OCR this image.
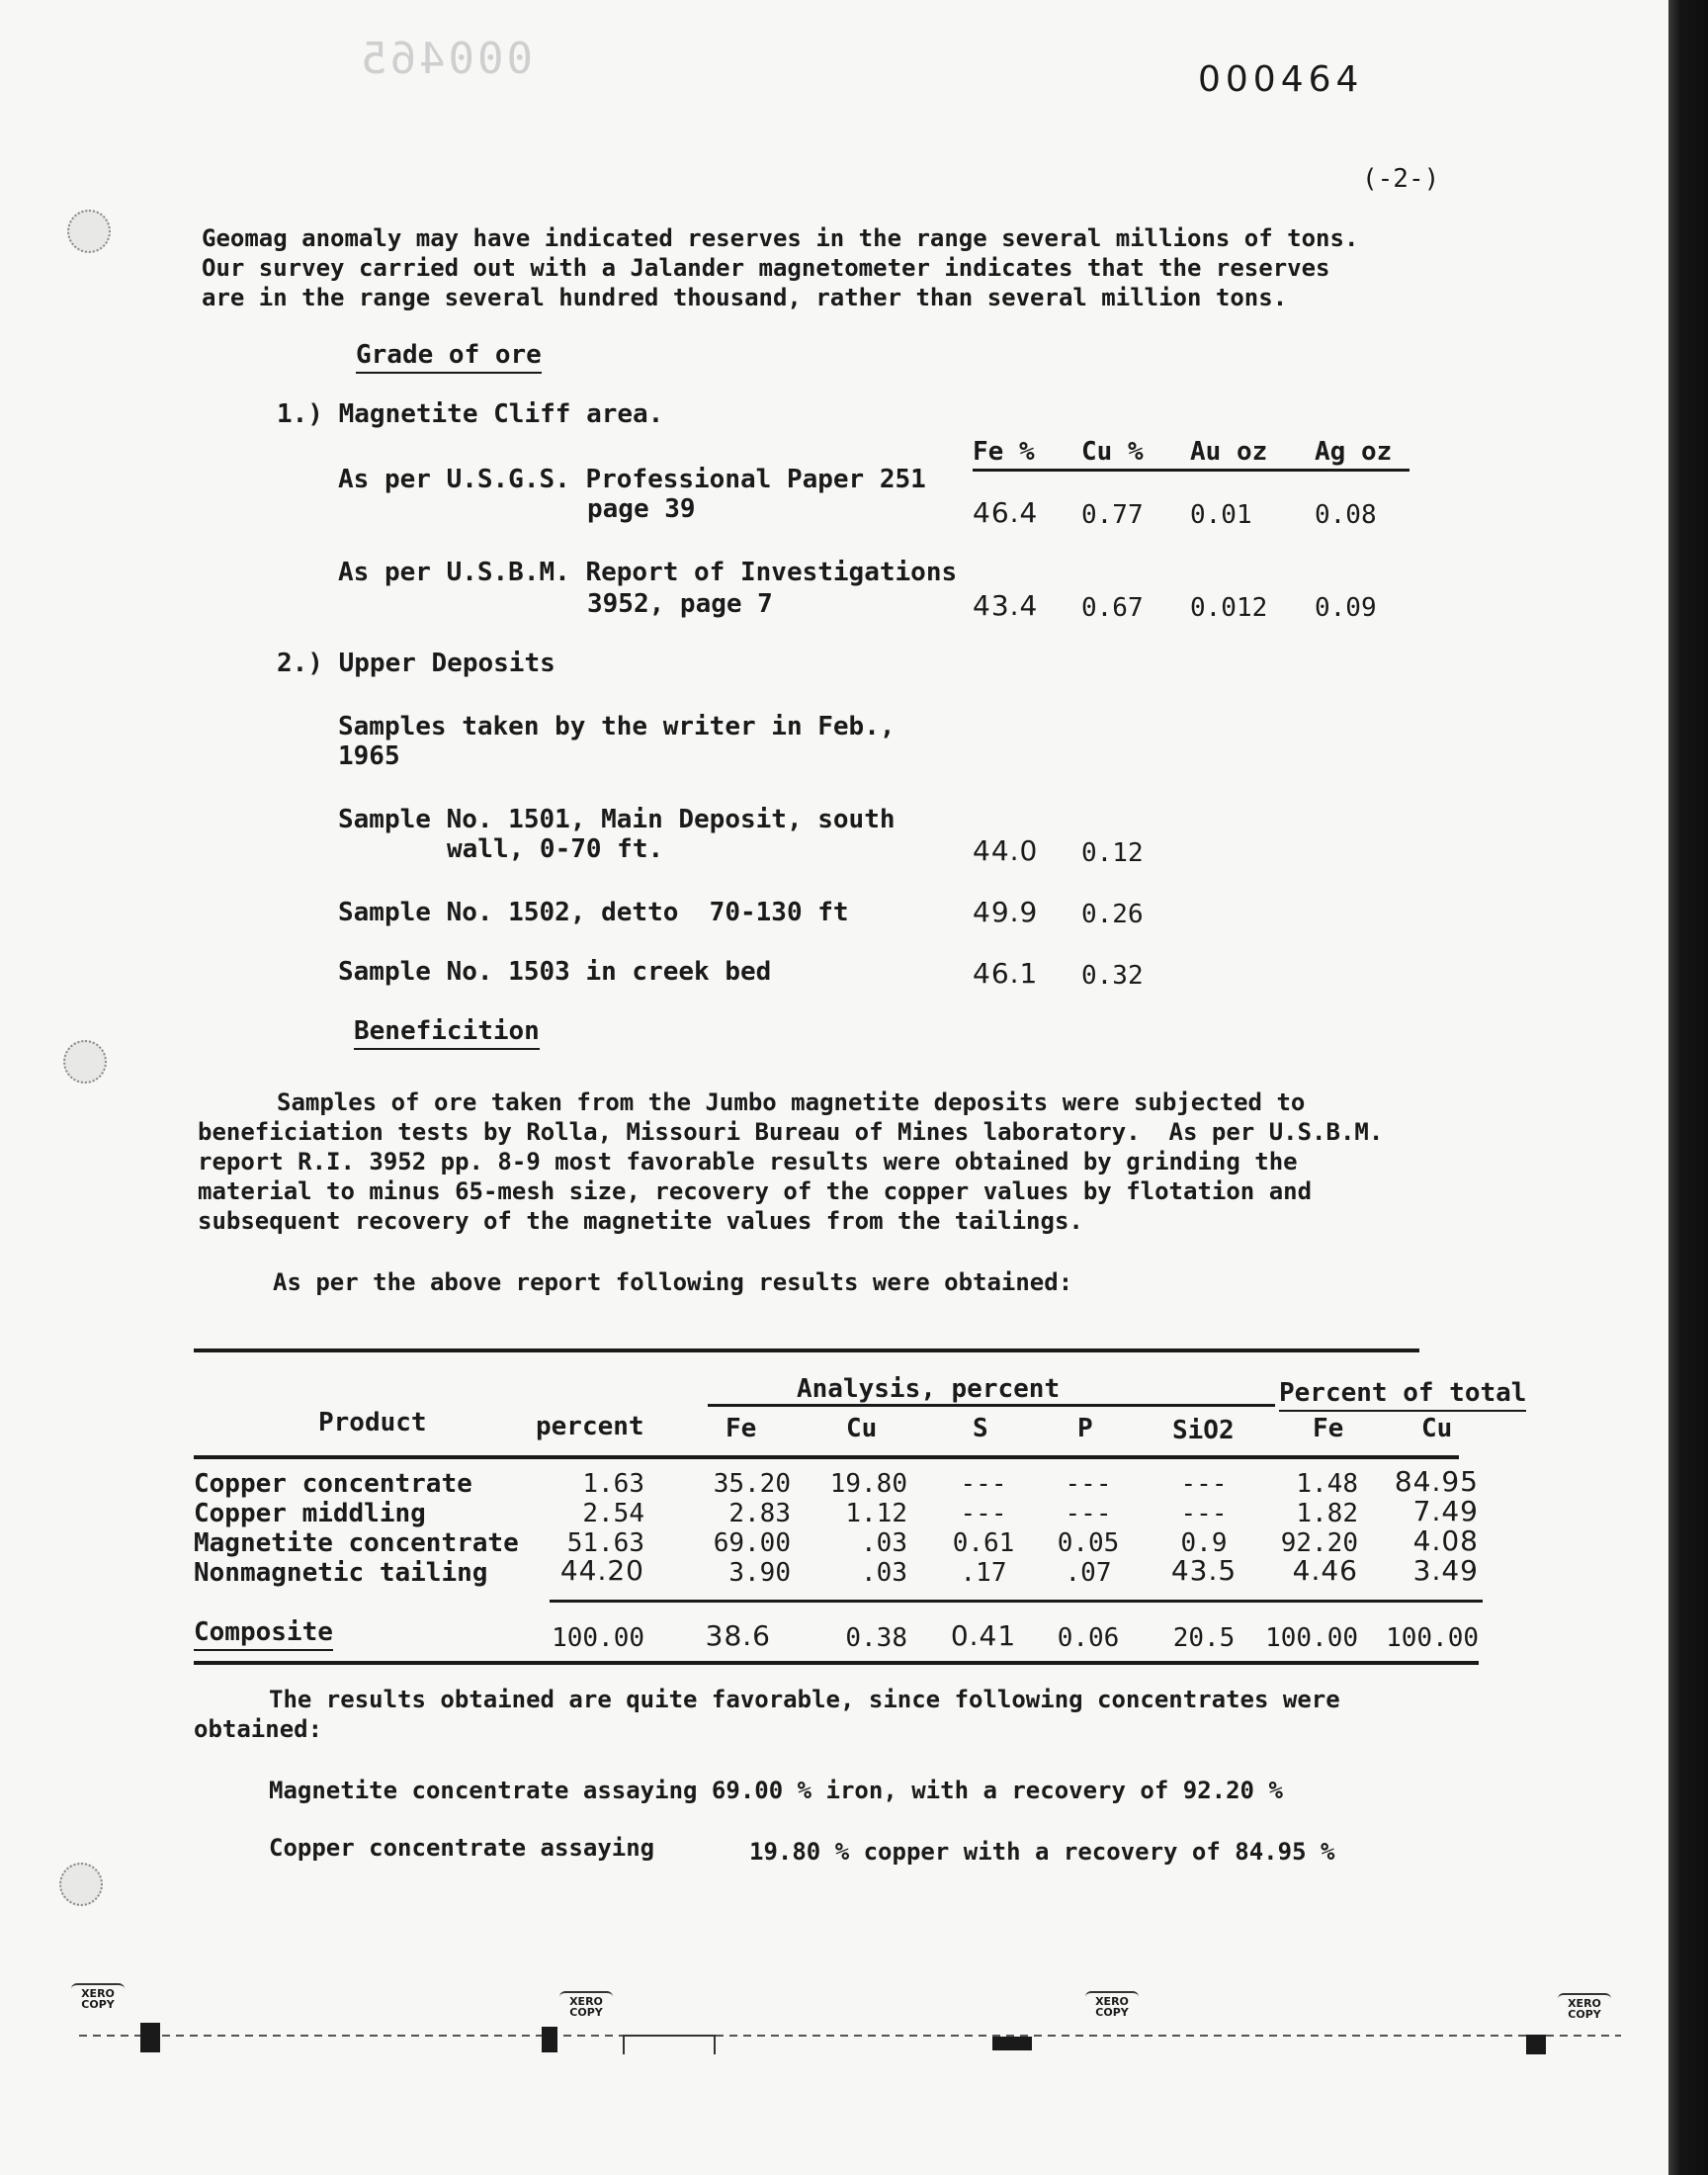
000465	000464
(-2-)
Geomag anomaly may have indicated reserves in the range several millions of tons.
Our survey carried out with a Jalander magnetometer indicates that the reserves
are in the range several hundred thousand, rather than several million tons.
Grade of ore
1.) Magnetite Cliff area.
Fe % Cu % Au oz Ag oz
As per U.S.G.S. Professional Paper 251
page 39	46.4 0.77 0.01 0.08
As per U.S.B.M. Report of Investigations
3952, page 7	43.4 0.67 0.012 0.09
2.) Upper Deposits
Samples taken by the writer in Feb.,
1965
Sample No. 1501, Main Deposit, south
wall, 0-70 ft.	44.0 0.12
Sample No. 1502, detto  70-130 ft	49.9 0.26
Sample No. 1503 in creek bed	46.1 0.32
Beneficition
Samples of ore taken from the Jumbo magnetite deposits were subjected to
beneficiation tests by Rolla, Missouri Bureau of Mines laboratory.  As per U.S.B.M.
report R.I. 3952 pp. 8-9 most favorable results were obtained by grinding the
material to minus 65-mesh size, recovery of the copper values by flotation and
subsequent recovery of the magnetite values from the tailings.
As per the above report following results were obtained:
Analysis, percent	Percent of total
Product	percent	Fe	Cu	S	P	SiO2	Fe	Cu
Copper concentrate	1.63	35.20	19.80	---	---	---	1.48	84.95
Copper middling	2.54	2.83	1.12	---	---	---	1.82	7.49
Magnetite concentrate	51.63	69.00	.03	0.61	0.05	0.9	92.20	4.08
Nonmagnetic tailing	44.20	3.90	.03	.17	.07	43.5	4.46	3.49
Composite	100.00	38.6	0.38	0.41	0.06	20.5	100.00	100.00
The results obtained are quite favorable, since following concentrates were
obtained:
Magnetite concentrate assaying 69.00 % iron, with a recovery of 92.20 %
Copper concentrate assaying	19.80 % copper with a recovery of 84.95 %
XERO COPY	XERO COPY
XERO COPY
XERO COPY
